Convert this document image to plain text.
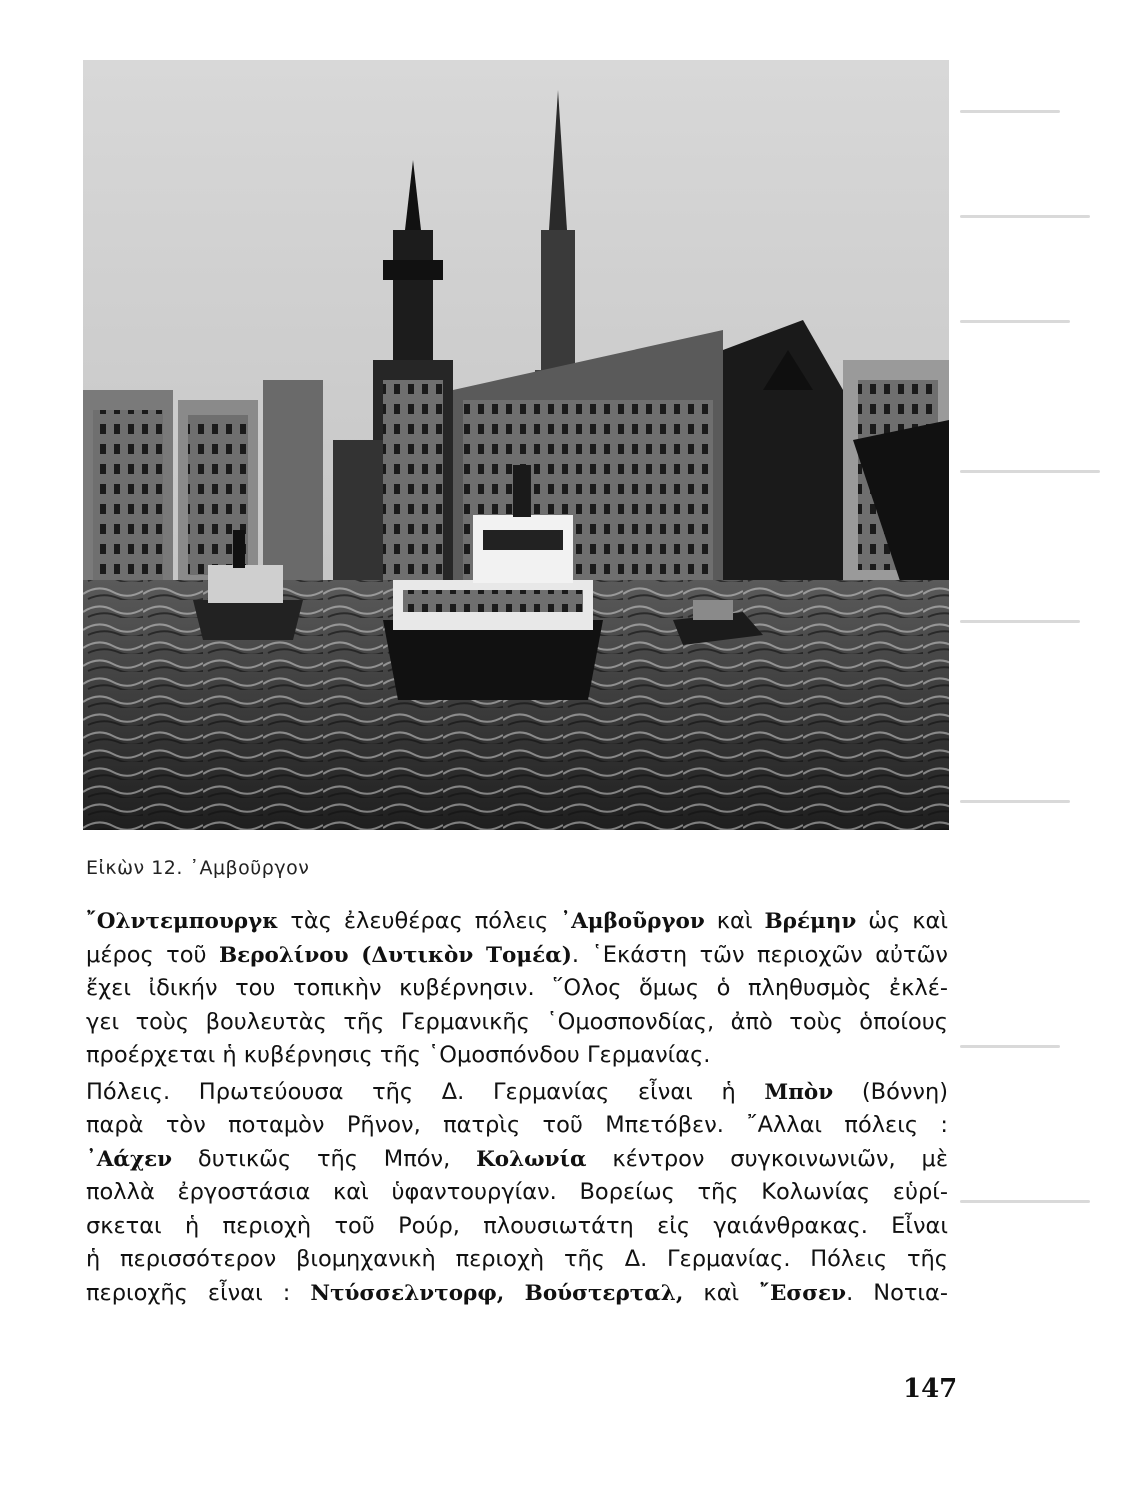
Εἰκὼν 12. ᾿Αμβοῦργον

῎Ολντεμπουργκ τὰς ἐλευθέρας πόλεις ᾿Αμβοῦργον καὶ Βρέμην ὡς καὶ

μέρος τοῦ Βερολίνου (Δυτικὸν Τομέα). ῾Εκάστη τῶν περιοχῶν αὐτῶν

ἔχει ἰδικήν του τοπικὴν κυβέρνησιν. ῞Ολος ὅμως ὁ πληθυσμὸς ἐκλέ-

γει τοὺς βουλευτὰς τῆς Γερμανικῆς ῾Ομοσπονδίας, ἀπὸ τοὺς ὁποίους

προέρχεται ἡ κυβέρνησις τῆς ῾Ομοσπόνδου Γερμανίας.

Πόλεις. Πρωτεύουσα τῆς Δ. Γερμανίας εἶναι ἡ Μπὸν (Βόννη)

παρὰ τὸν ποταμὸν Ρῆνον, πατρὶς τοῦ Μπετόβεν. ῎Αλλαι πόλεις :

᾿Αάχεν δυτικῶς τῆς Μπόν, Κολωνία κέντρον συγκοινωνιῶν, μὲ

πολλὰ ἐργοστάσια καὶ ὑφαντουργίαν. Βορείως τῆς Κολωνίας εὑρί-

σκεται ἡ περιοχὴ τοῦ Ρούρ, πλουσιωτάτη εἰς γαιάνθρακας. Εἶναι

ἡ περισσότερον βιομηχανικὴ περιοχὴ τῆς Δ. Γερμανίας. Πόλεις τῆς

περιοχῆς εἶναι : Ντύσσελντορφ, Βούστερταλ, καὶ ῎Εσσεν. Νοτια-

147
